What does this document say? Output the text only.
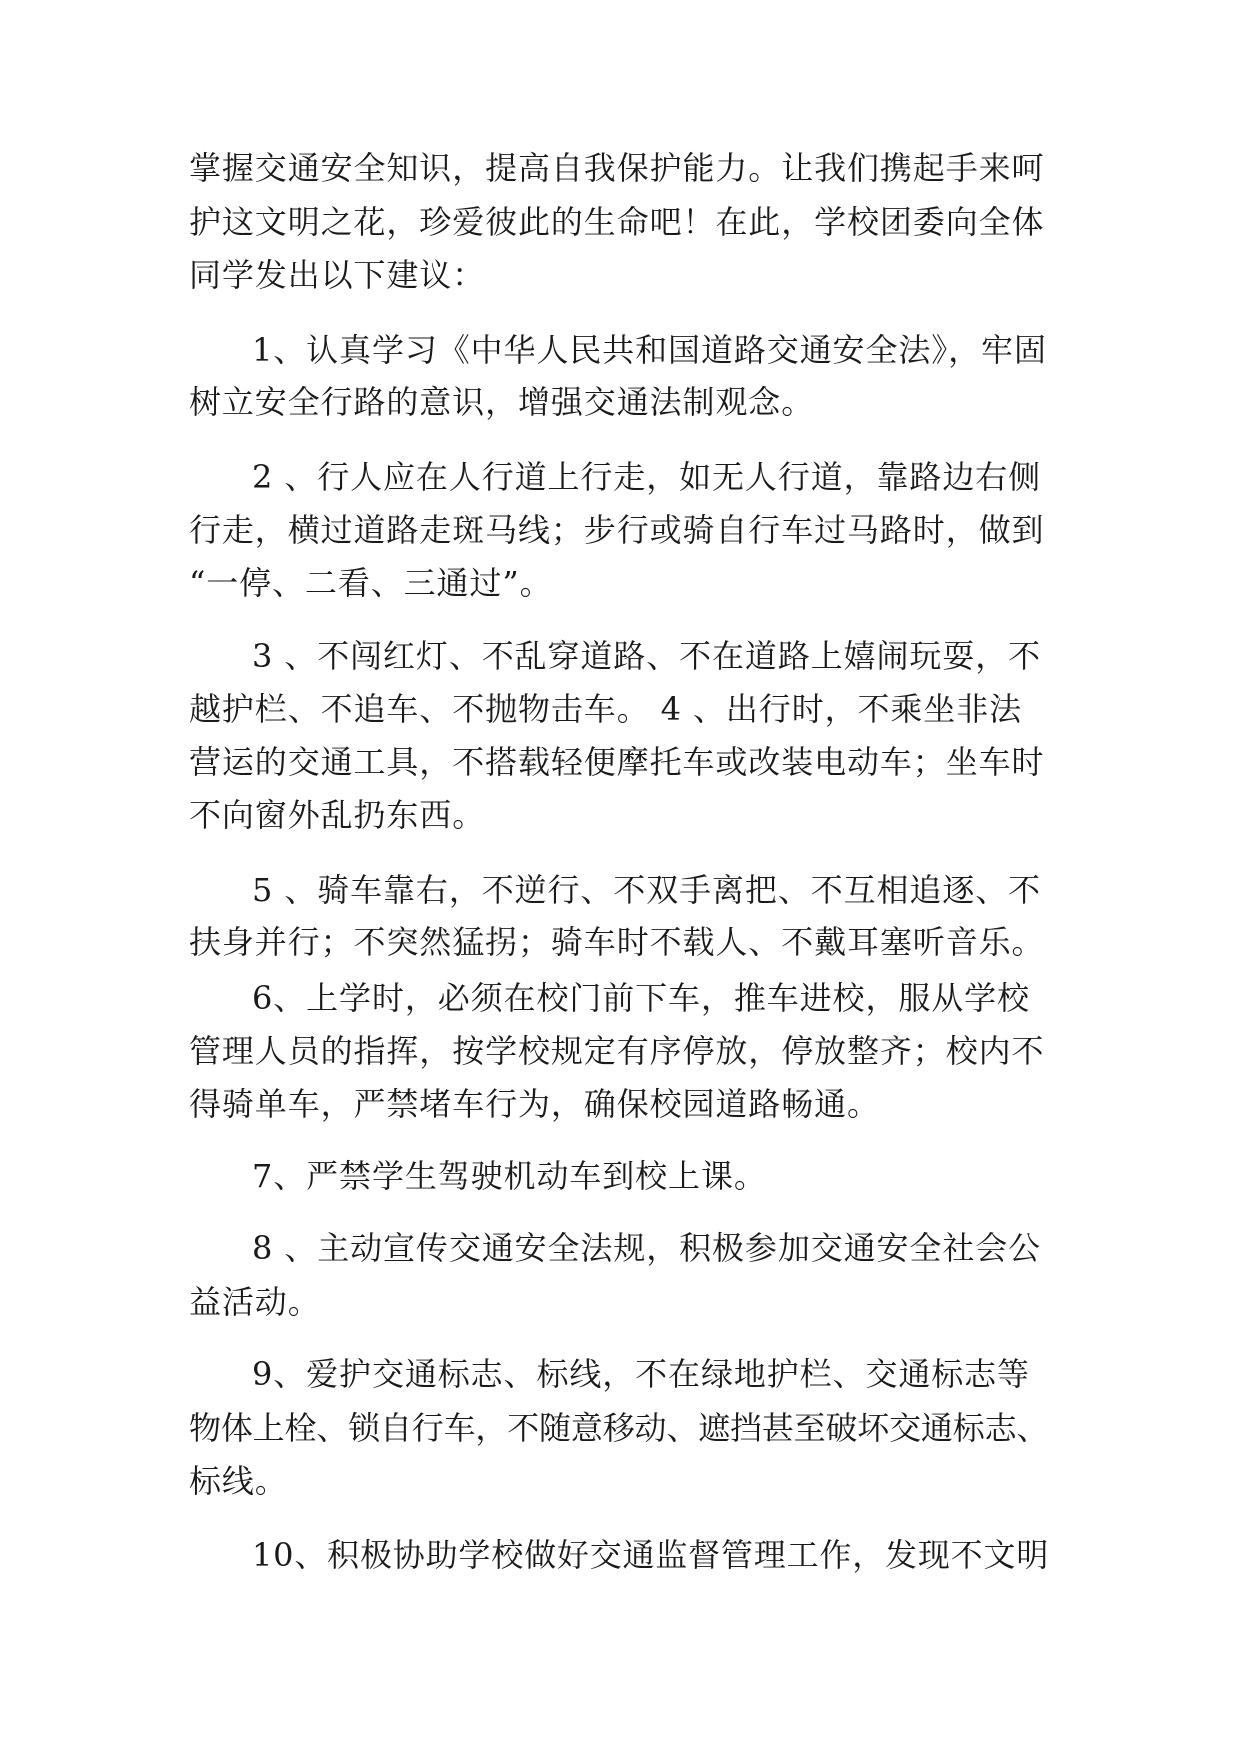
掌握交通安全知识，提高自我保护能力。让我们携起手来呵
护这文明之花，珍爱彼此的生命吧！在此，学校团委向全体
同学发出以下建议：
1、认真学习《中华人民共和国道路交通安全法》，牢固
树立安全行路的意识，增强交通法制观念。
2 、行人应在人行道上行走，如无人行道，靠路边右侧
行走，横过道路走斑马线；步行或骑自行车过马路时，做到
“一停、二看、三通过”。
3 、不闯红灯、不乱穿道路、不在道路上嬉闹玩耍，不
越护栏、不追车、不抛物击车。 4 、出行时，不乘坐非法
营运的交通工具，不搭载轻便摩托车或改装电动车；坐车时
不向窗外乱扔东西。
5 、骑车靠右，不逆行、不双手离把、不互相追逐、不
扶身并行；不突然猛拐；骑车时不载人、不戴耳塞听音乐。
6、上学时，必须在校门前下车，推车进校，服从学校
管理人员的指挥，按学校规定有序停放，停放整齐；校内不
得骑单车，严禁堵车行为，确保校园道路畅通。
7、严禁学生驾驶机动车到校上课。
8 、主动宣传交通安全法规，积极参加交通安全社会公
益活动。
9、爱护交通标志、标线，不在绿地护栏、交通标志等
物体上栓、锁自行车，不随意移动、遮挡甚至破坏交通标志、
标线。
10、积极协助学校做好交通监督管理工作，发现不文明
